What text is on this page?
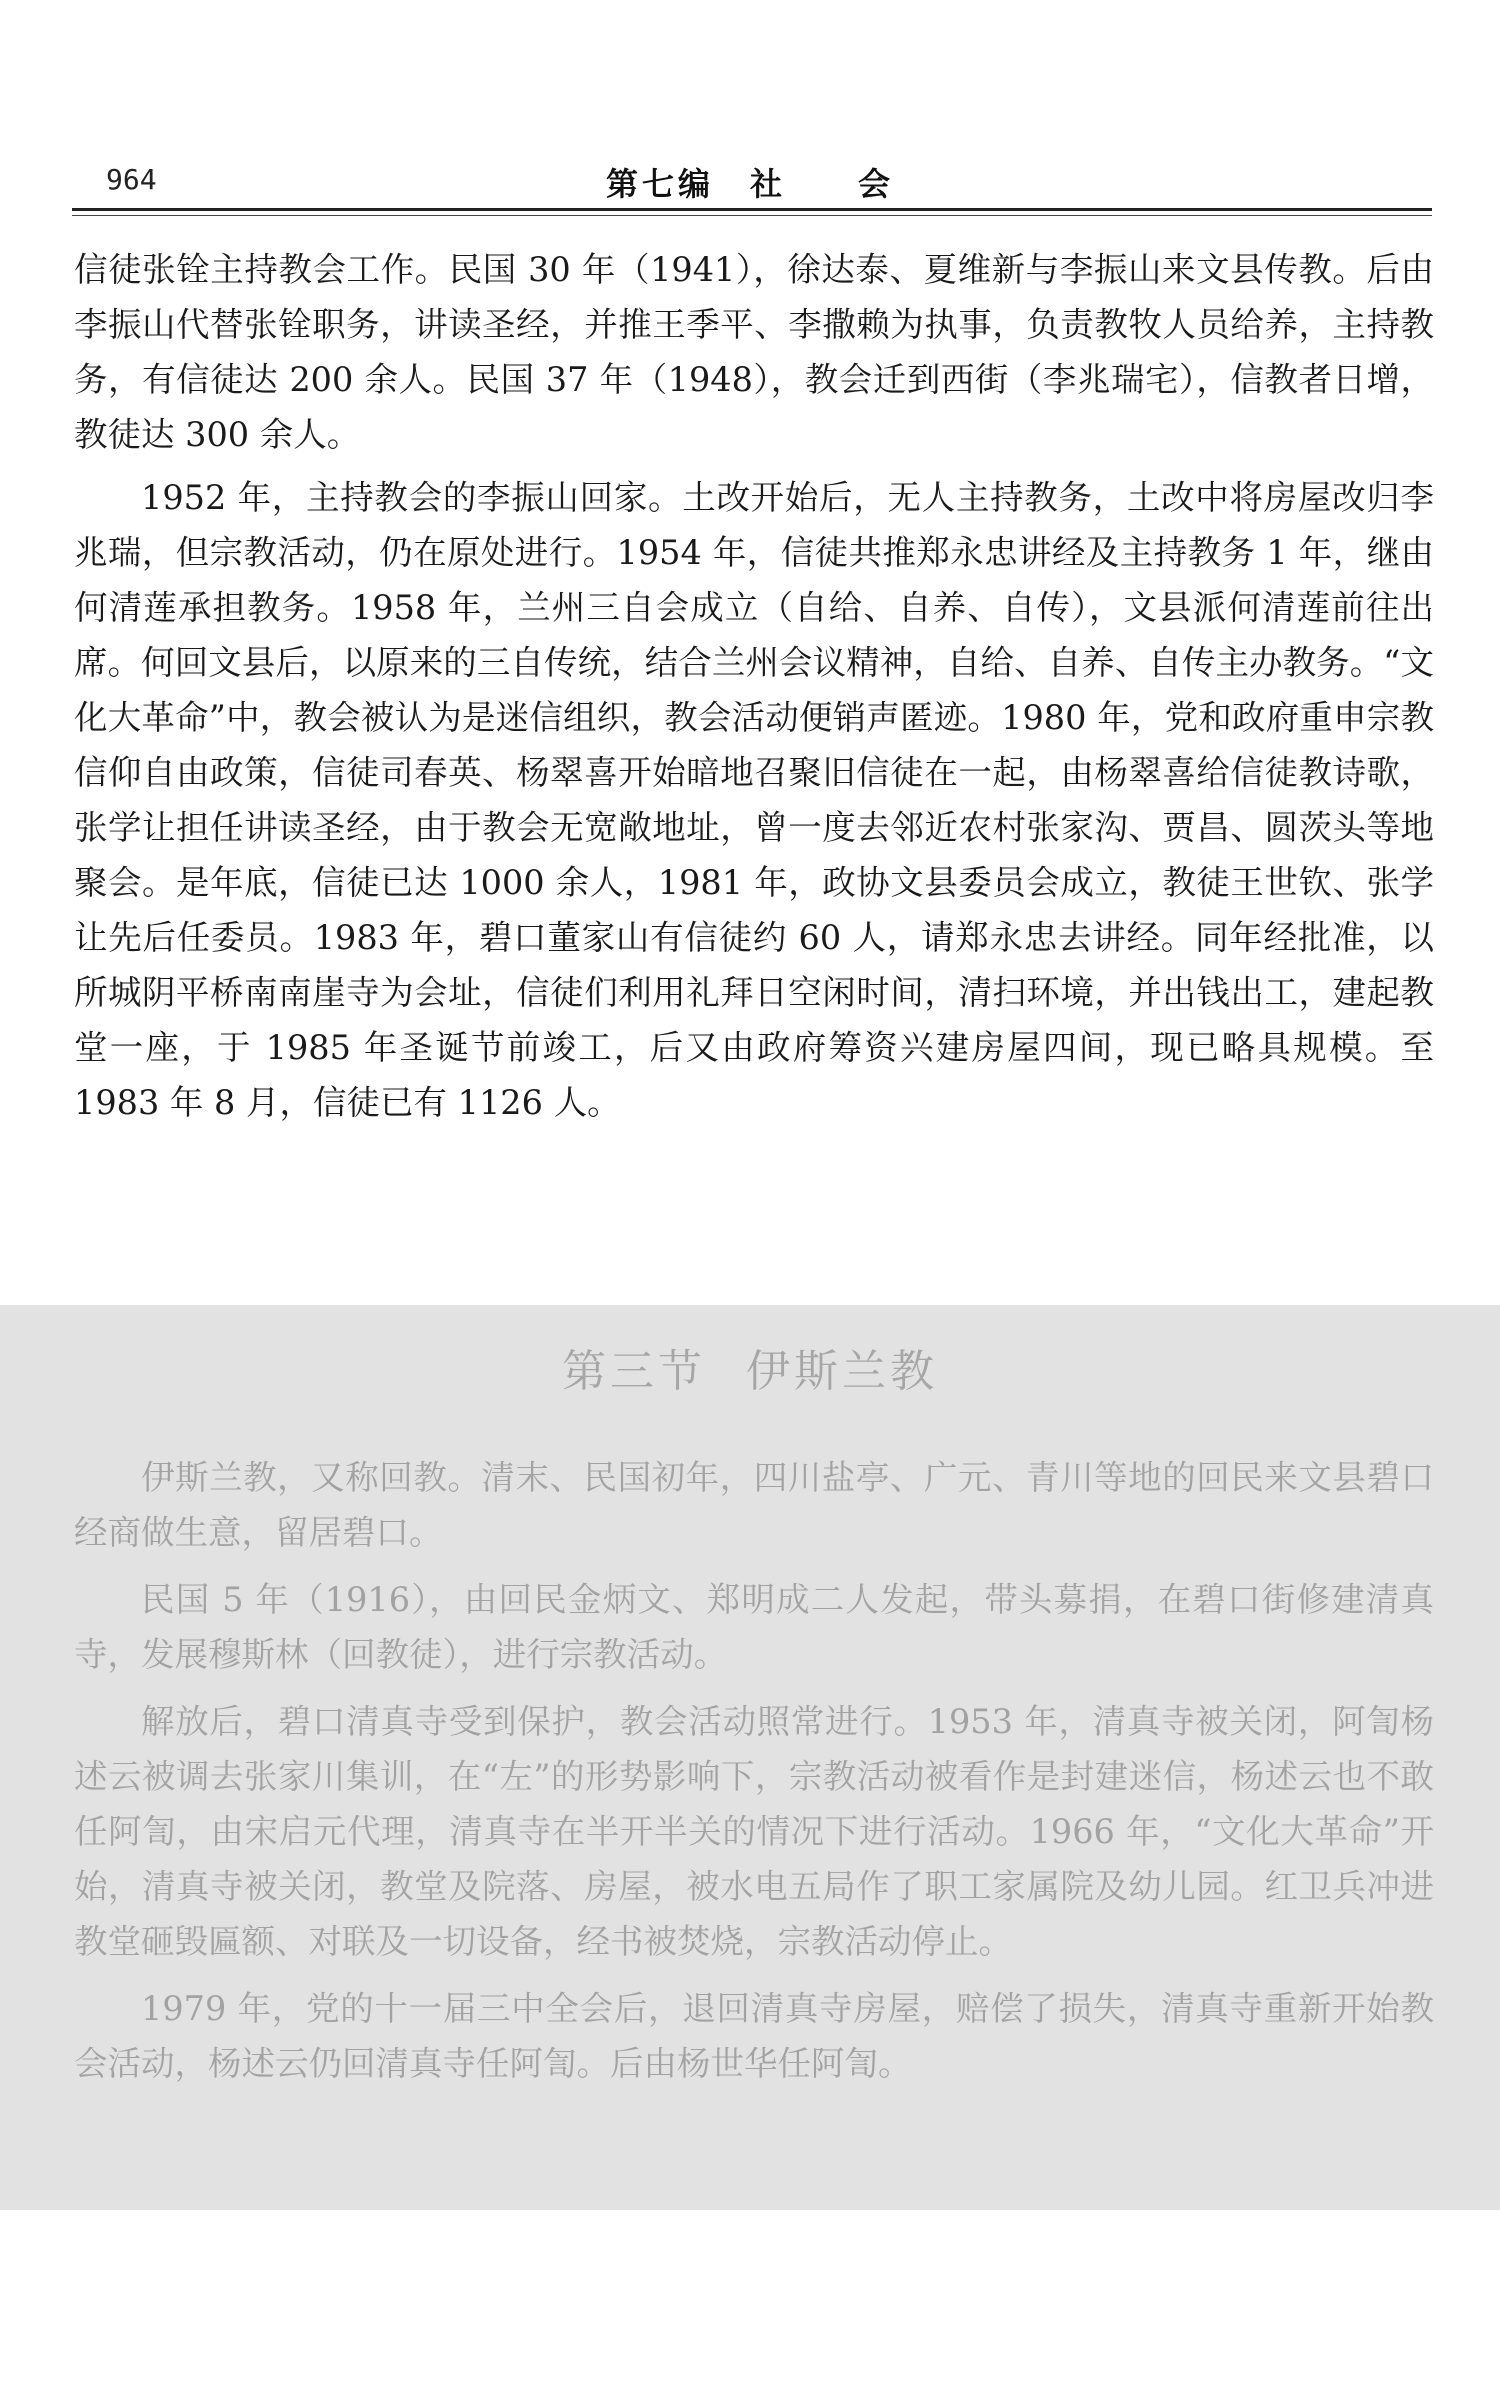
964	第七编　社　　会

信徒张铨主持教会工作。民国 30 年（1941），徐达泰、夏维新与李振山来文县传教。后由李振山代替张铨职务，讲读圣经，并推王季平、李撒赖为执事，负责教牧人员给养，主持教务，有信徒达 200 余人。民国 37 年（1948），教会迁到西街（李兆瑞宅），信教者日增，教徒达 300 余人。

1952 年，主持教会的李振山回家。土改开始后，无人主持教务，土改中将房屋改归李兆瑞，但宗教活动，仍在原处进行。1954 年，信徒共推郑永忠讲经及主持教务 1 年，继由何清莲承担教务。1958 年，兰州三自会成立（自给、自养、自传），文县派何清莲前往出席。何回文县后，以原来的三自传统，结合兰州会议精神，自给、自养、自传主办教务。“文化大革命”中，教会被认为是迷信组织，教会活动便销声匿迹。1980 年，党和政府重申宗教信仰自由政策，信徒司春英、杨翠喜开始暗地召聚旧信徒在一起，由杨翠喜给信徒教诗歌，张学让担任讲读圣经，由于教会无宽敞地址，曾一度去邻近农村张家沟、贾昌、圆茨头等地聚会。是年底，信徒已达 1000 余人，1981 年，政协文县委员会成立，教徒王世钦、张学让先后任委员。1983 年，碧口董家山有信徒约 60 人，请郑永忠去讲经。同年经批准，以所城阴平桥南南崖寺为会址，信徒们利用礼拜日空闲时间，清扫环境，并出钱出工，建起教堂一座，于 1985 年圣诞节前竣工，后又由政府筹资兴建房屋四间，现已略具规模。至 1983 年 8 月，信徒已有 1126 人。

第三节 伊斯兰教

伊斯兰教，又称回教。清末、民国初年，四川盐亭、广元、青川等地的回民来文县碧口经商做生意，留居碧口。

民国 5 年（1916），由回民金炳文、郑明成二人发起，带头募捐，在碧口街修建清真寺，发展穆斯林（回教徒），进行宗教活动。

解放后，碧口清真寺受到保护，教会活动照常进行。1953 年，清真寺被关闭，阿訇杨述云被调去张家川集训，在“左”的形势影响下，宗教活动被看作是封建迷信，杨述云也不敢任阿訇，由宋启元代理，清真寺在半开半关的情况下进行活动。1966 年，“文化大革命”开始，清真寺被关闭，教堂及院落、房屋，被水电五局作了职工家属院及幼儿园。红卫兵冲进教堂砸毁匾额、对联及一切设备，经书被焚烧，宗教活动停止。

1979 年，党的十一届三中全会后，退回清真寺房屋，赔偿了损失，清真寺重新开始教会活动，杨述云仍回清真寺任阿訇。后由杨世华任阿訇。
